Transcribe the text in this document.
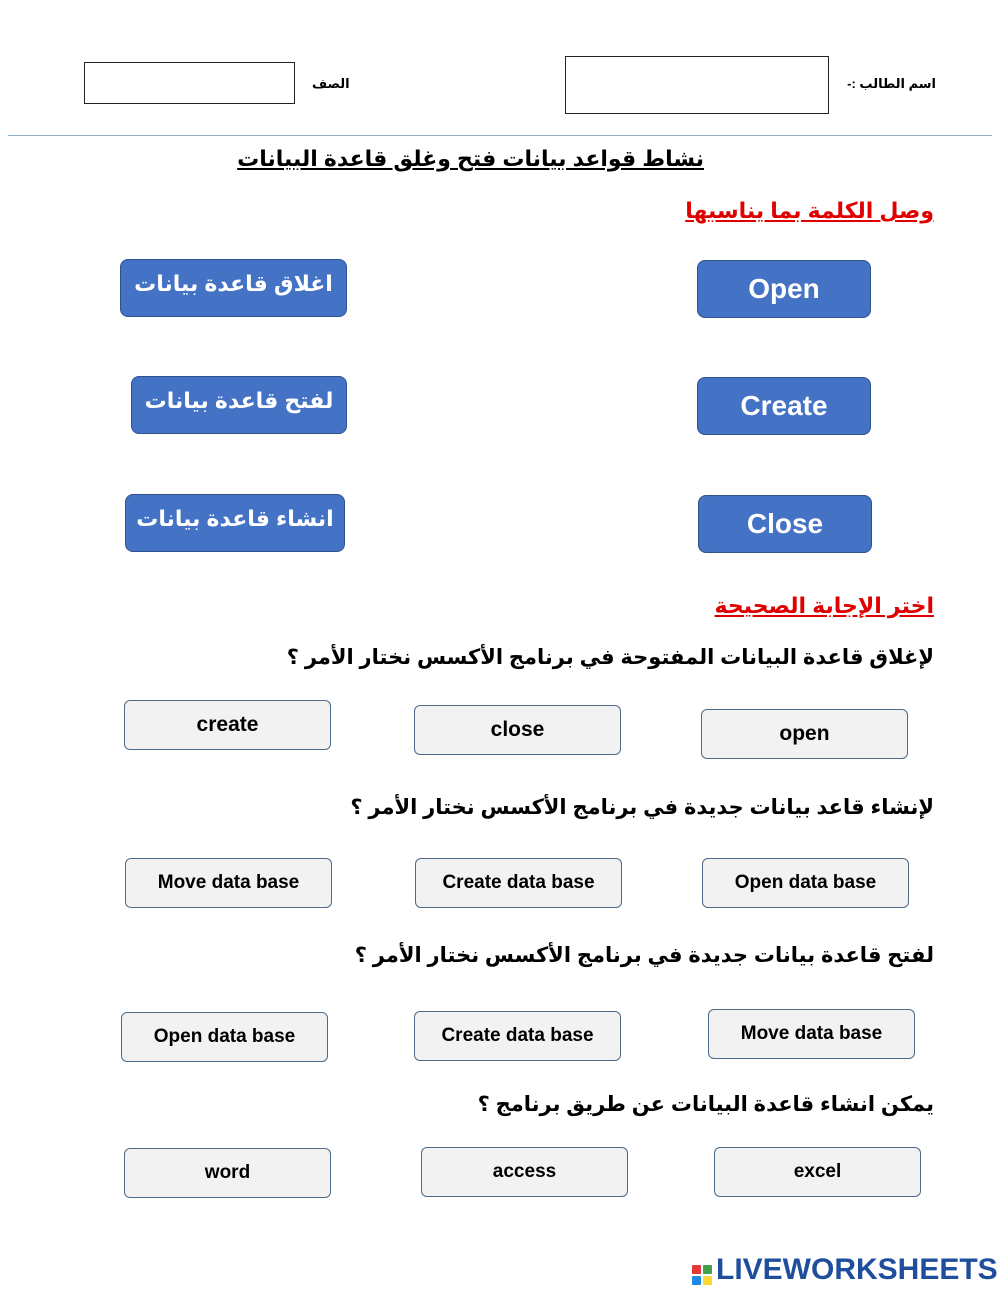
اسم الطالب :-
الصف
نشاط قواعد بيانات فتح وغلق قاعدة البيانات
وصل الكلمة بما يناسبها
اغلاق قاعدة بيانات
لفتح قاعدة بيانات
انشاء قاعدة بيانات
Open
Create
Close
اختر الإجابة الصحيحة
لإغلاق قاعدة البيانات المفتوحة في برنامج الأكسس نختار الأمر ؟
create	close	open
لإنشاء قاعد بيانات جديدة في برنامج الأكسس نختار الأمر ؟
Move data base	Create data base	Open data base
لفتح قاعدة بيانات جديدة في برنامج الأكسس نختار الأمر ؟
Open data base	Create data base	Move data base
يمكن انشاء قاعدة البيانات عن طريق برنامج ؟
word	access	excel
LIVEWORKSHEETS
